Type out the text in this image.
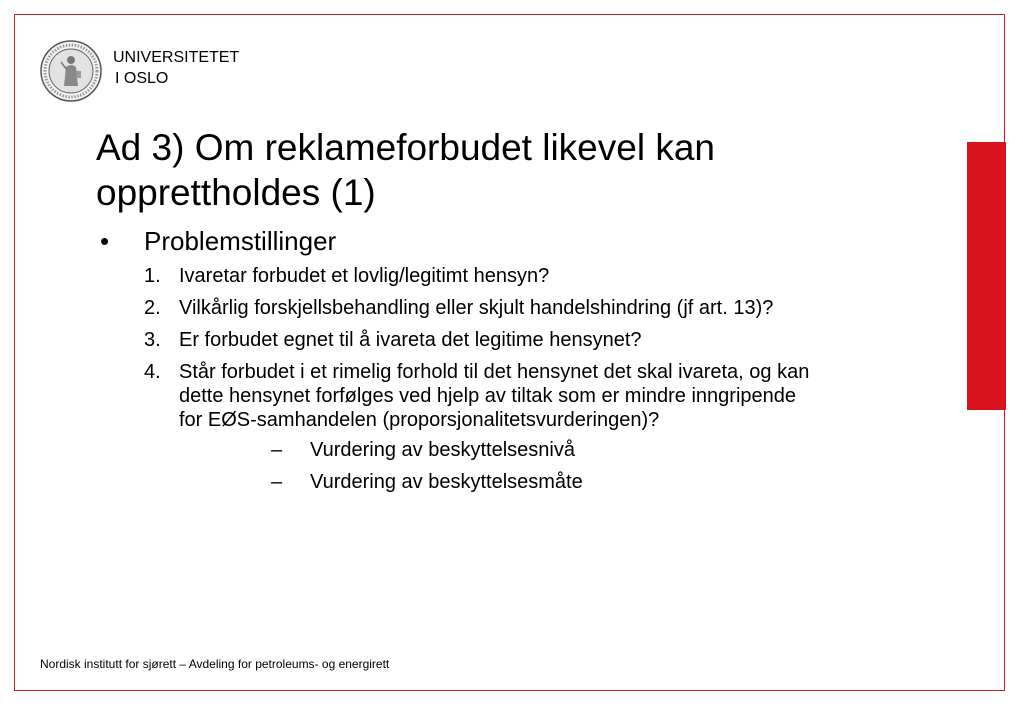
UNIVERSITETET
I OSLO
Ad 3) Om reklameforbudet likevel kan opprettholdes (1)
• Problemstillinger
1. Ivaretar forbudet et lovlig/legitimt hensyn?
2. Vilkårlig forskjellsbehandling eller skjult handelshindring (jf art. 13)?
3. Er forbudet egnet til å ivareta det legitime hensynet?
4. Står forbudet i et rimelig forhold til det hensynet det skal ivareta, og kan dette hensynet forfølges ved hjelp av tiltak som er mindre inngripende for EØS-samhandelen (proporsjonalitetsvurderingen)?
– Vurdering av beskyttelsesnivå
– Vurdering av beskyttelsesmåte
Nordisk institutt for sjørett – Avdeling for petroleums- og energirett
